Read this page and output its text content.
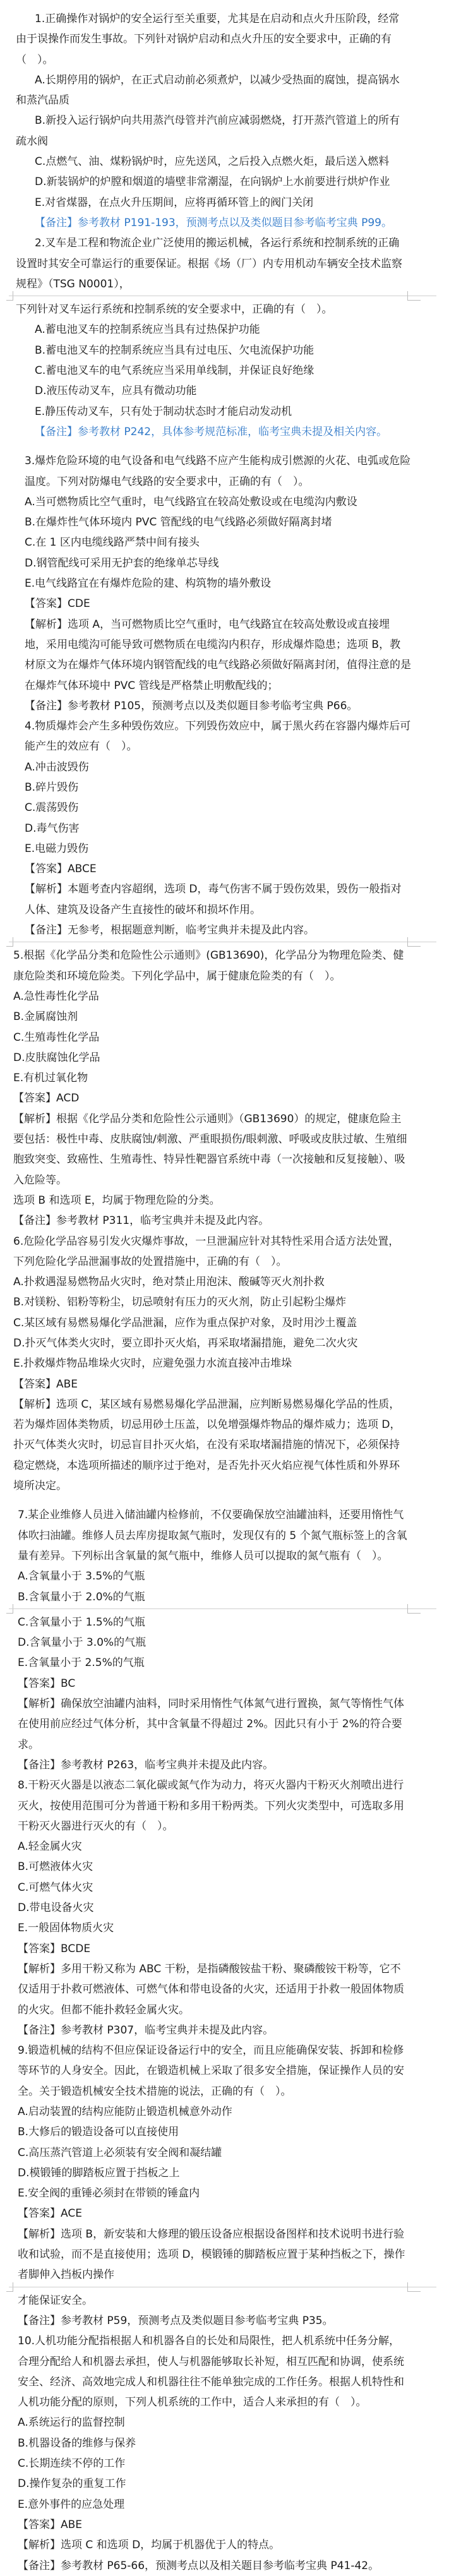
1.正确操作对锅炉的安全运行至关重要，尤其是在启动和点火升压阶段，经常由于误操作而发生事故。下列针对锅炉启动和点火升压的安全要求中，正确的有（　）。
A.长期停用的锅炉，在正式启动前必须煮炉，以减少受热面的腐蚀，提高锅水和蒸汽品质
B.新投入运行锅炉向共用蒸汽母管并汽前应减弱燃烧，打开蒸汽管道上的所有疏水阀
C.点燃气、油、煤粉锅炉时，应先送风，之后投入点燃火炬，最后送入燃料
D.新装锅炉的炉膛和烟道的墙壁非常潮湿，在向锅炉上水前要进行烘炉作业
E.对省煤器，在点火升压期间，应将再循环管上的阀门关闭
【备注】参考教材 P191-193，预测考点以及类似题目参考临考宝典 P99。
2.叉车是工程和物流企业广泛使用的搬运机械，各运行系统和控制系统的正确设置时其安全可靠运行的重要保证。根据《场（厂）内专用机动车辆安全技术监察规程》（TSG N0001），
下列针对叉车运行系统和控制系统的安全要求中，正确的有（　）。
A.蓄电池叉车的控制系统应当具有过热保护功能
B.蓄电池叉车的控制系统应当具有过电压、欠电流保护功能
C.蓄电池叉车的电气系统应当采用单线制，并保证良好绝缘
D.液压传动叉车，应具有微动功能
E.静压传动叉车，只有处于制动状态时才能启动发动机
【备注】参考教材 P242，具体参考规范标准，临考宝典未提及相关内容。
3.爆炸危险环境的电气设备和电气线路不应产生能构成引燃源的火花、电弧或危险温度。下列对防爆电气线路的安全要求中，正确的有（　）。
A.当可燃物质比空气重时，电气线路宜在较高处敷设或在电缆沟内敷设
B.在爆炸性气体环境内 PVC 管配线的电气线路必须做好隔离封堵
C.在 1 区内电缆线路严禁中间有接头
D.钢管配线可采用无护套的绝缘单芯导线
E.电气线路宜在有爆炸危险的建、构筑物的墙外敷设
【答案】CDE
【解析】选项 A，当可燃物质比空气重时，电气线路宜在较高处敷设或直接埋地，采用电缆沟可能导致可燃物质在电缆沟内积存，形成爆炸隐患；选项 B，教材原文为在爆炸气体环境内钢管配线的电气线路必须做好隔离封闭，值得注意的是在爆炸气体环境中 PVC 管线是严格禁止明敷配线的；
【备注】参考教材 P105，预测考点以及类似题目参考临考宝典 P66。
4.物质爆炸会产生多种毁伤效应。下列毁伤效应中，属于黑火药在容器内爆炸后可能产生的效应有（　）。
A.冲击波毁伤
B.碎片毁伤
C.震荡毁伤
D.毒气伤害
E.电磁力毁伤
【答案】ABCE
【解析】本题考查内容超纲，选项 D，毒气伤害不属于毁伤效果，毁伤一般指对人体、建筑及设备产生直接性的破坏和损坏作用。
【备注】无参考，根据题意判断，临考宝典并未提及此内容。
5.根据《化学品分类和危险性公示通则》(GB13690)，化学品分为物理危险类、健康危险类和环境危险类。下列化学品中，属于健康危险类的有（　）。
A.急性毒性化学品
B.金属腐蚀剂
C.生殖毒性化学品
D.皮肤腐蚀化学品
E.有机过氧化物
【答案】ACD
【解析】根据《化学品分类和危险性公示通则》（GB13690）的规定，健康危险主要包括：极性中毒、皮肤腐蚀/刺激、严重眼损伤/眼刺激、呼吸或皮肤过敏、生殖细胞致突变、致癌性、生殖毒性、特异性靶器官系统中毒（一次接触和反复接触）、吸入危险等。
选项 B 和选项 E，均属于物理危险的分类。
【备注】参考教材 P311，临考宝典并未提及此内容。
6.危险化学品容易引发火灾爆炸事故，一旦泄漏应针对其特性采用合适方法处置，下列危险化学品泄漏事故的处置措施中，正确的有（　）。
A.扑救遇湿易燃物品火灾时，绝对禁止用泡沫、酸碱等灭火剂扑救
B.对镁粉、铝粉等粉尘，切忌喷射有压力的灭火剂，防止引起粉尘爆炸
C.某区域有易燃易爆化学品泄漏，应作为重点保护对象，及时用沙土覆盖
D.扑灭气体类火灾时，要立即扑灭火焰，再采取堵漏措施，避免二次火灾
E.扑救爆炸物品堆垛火灾时，应避免强力水流直接冲击堆垛
【答案】ABE
【解析】选项 C，某区域有易燃易爆化学品泄漏，应判断易燃易爆化学品的性质，若为爆炸固体类物质，切忌用砂土压盖，以免增强爆炸物品的爆炸威力；选项 D，扑灭气体类火灾时，切忌盲目扑灭火焰，在没有采取堵漏措施的情况下，必须保持稳定燃烧，本选项所描述的顺序过于绝对，是否先扑灭火焰应视气体性质和外界环境所决定。
7.某企业维修人员进入储油罐内检修前，不仅要确保放空油罐油料，还要用惰性气体吹扫油罐。维修人员去库房提取氮气瓶时，发现仅有的 5 个氮气瓶标签上的含氧量有差异。下列标出含氧量的氮气瓶中，维修人员可以提取的氮气瓶有（　）。
A.含氧量小于 3.5%的气瓶
B.含氧量小于 2.0%的气瓶
C.含氧量小于 1.5%的气瓶
D.含氧量小于 3.0%的气瓶
E.含氧量小于 2.5%的气瓶
【答案】BC
【解析】确保放空油罐内油料，同时采用惰性气体氮气进行置换，氮气等惰性气体在使用前应经过气体分析，其中含氧量不得超过 2%。因此只有小于 2%的符合要求。
【备注】参考教材 P263，临考宝典并未提及此内容。
8.干粉灭火器是以液态二氧化碳或氮气作为动力，将灭火器内干粉灭火剂喷出进行灭火，按使用范围可分为普通干粉和多用干粉两类。下列火灾类型中，可选取多用干粉灭火器进行灭火的有（　）。
A.轻金属火灾
B.可燃液体火灾
C.可燃气体火灾
D.带电设备火灾
E.一般固体物质火灾
【答案】BCDE
【解析】多用干粉又称为 ABC 干粉，是指磷酸铵盐干粉、聚磷酸铵干粉等，它不仅适用于扑救可燃液体、可燃气体和带电设备的火灾，还适用于扑救一般固体物质的火灾。但都不能扑救轻金属火灾。
【备注】参考教材 P307，临考宝典并未提及此内容。
9.锻造机械的结构不但应保证设备运行中的安全，而且应能确保安装、拆卸和检修等环节的人身安全。因此，在锻造机械上采取了很多安全措施，保证操作人员的安全。关于锻造机械安全技术措施的说法，正确的有（　）。
A.启动装置的结构应能防止锻造机械意外动作
B.大修后的锻造设备可以直接使用
C.高压蒸汽管道上必须装有安全阀和凝结罐
D.模锻锤的脚踏板应置于挡板之上
E.安全阀的重锤必须封在带锁的锤盒内
【答案】ACE
【解析】选项 B，新安装和大修理的锻压设备应根据设备图样和技术说明书进行验收和试验，而不是直接使用；选项 D，模锻锤的脚踏板应置于某种挡板之下，操作者脚伸入挡板内操作
才能保证安全。
【备注】参考教材 P59，预测考点及类似题目参考临考宝典 P35。
10.人机功能分配指根据人和机器各自的长处和局限性，把人机系统中任务分解，合理分配给人和机器去承担，使人与机器能够取长补短，相互匹配和协调，使系统安全、经济、高效地完成人和机器往往不能单独完成的工作任务。根据人机特性和人机功能分配的原则，下列人机系统的工作中，适合人来承担的有（　）。
A.系统运行的监督控制
B.机器设备的维修与保养
C.长期连续不停的工作
D.操作复杂的重复工作
E.意外事件的应急处理
【答案】ABE
【解析】选项 C 和选项 D，均属于机器优于人的特点。
【备注】参考教材 P65-66，预测考点以及相关题目参考临考宝典 P41-42。
